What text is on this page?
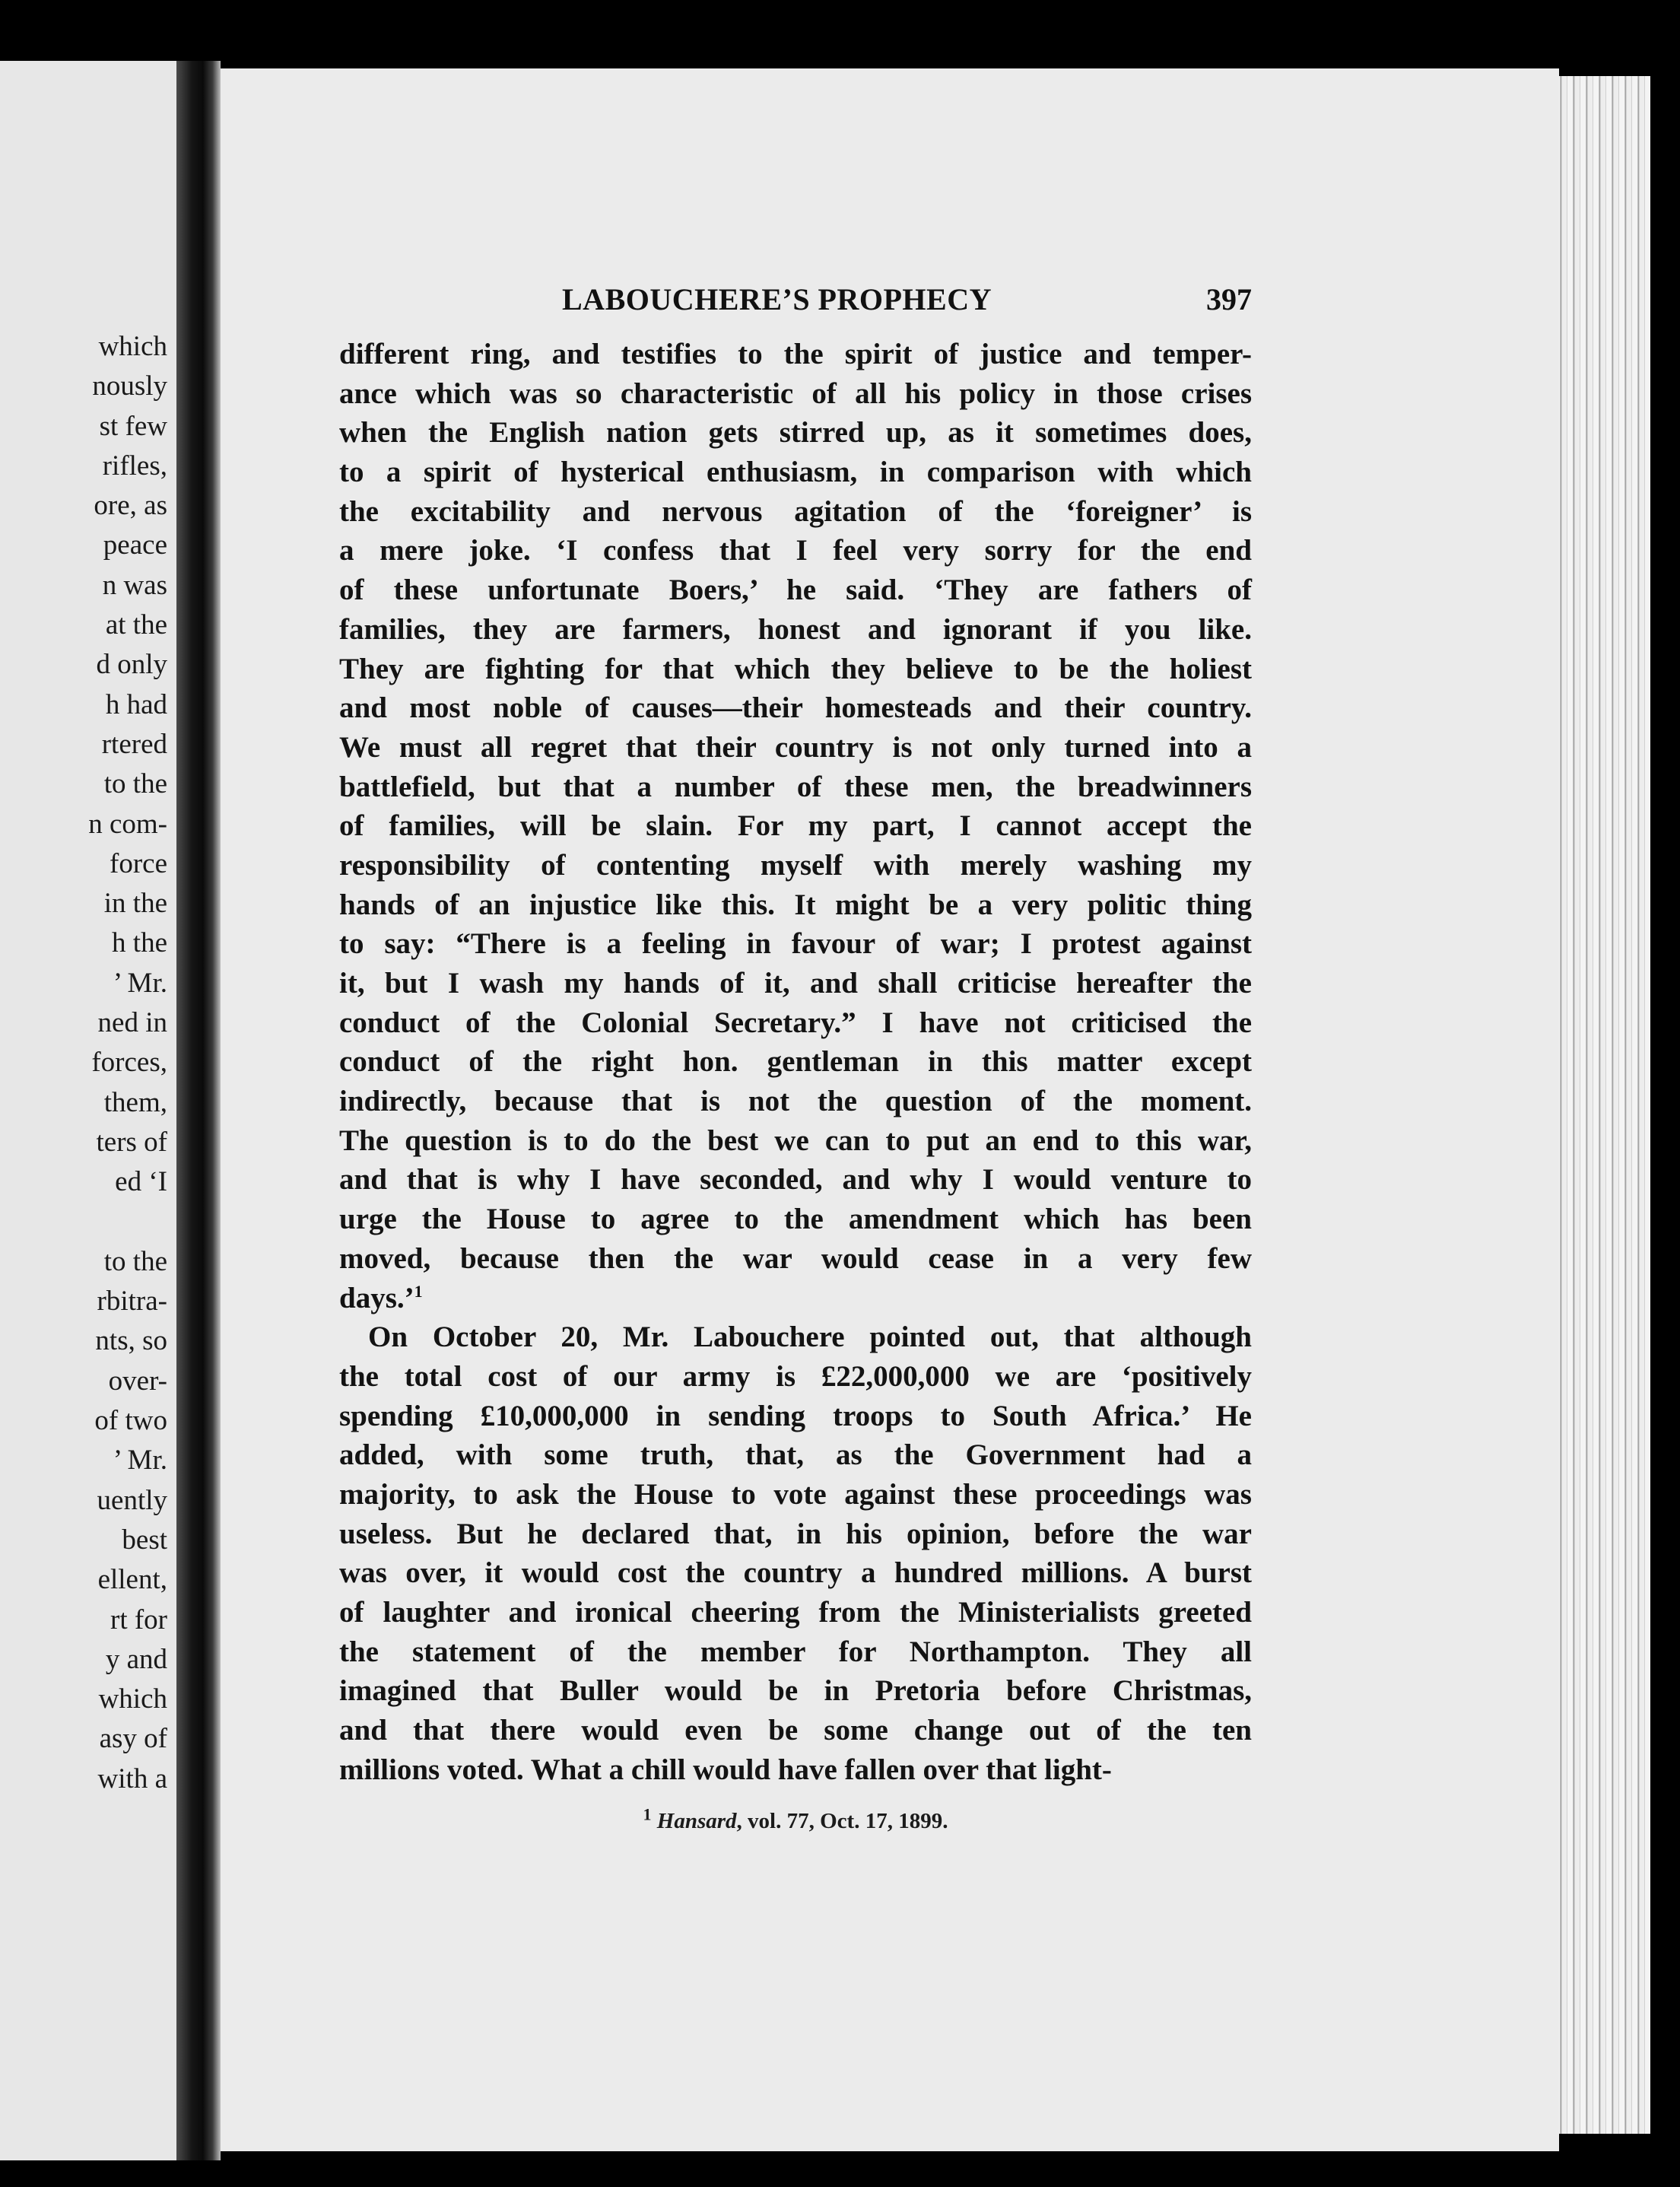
which
nously
st few
rifles,
ore, as
peace
n was
at the
d only
h had
rtered
to the
n com-
force
in the
h the
’ Mr.
ned in
forces,
them,
ters of
ed ‘I

to the
rbitra-
nts, so
over-
of two
’ Mr.
uently
best
ellent,
rt for
y and
which
asy of
with a
LABOUCHERE’S PROPHECY	397
different ring, and testifies to the spirit of justice and temper-
ance which was so characteristic of all his policy in those crises
when the English nation gets stirred up, as it sometimes does,
to a spirit of hysterical enthusiasm, in comparison with which
the excitability and nervous agitation of the ‘foreigner’ is
a mere joke. ‘I confess that I feel very sorry for the end
of these unfortunate Boers,’ he said. ‘They are fathers of
families, they are farmers, honest and ignorant if you like.
They are fighting for that which they believe to be the holiest
and most noble of causes—their homesteads and their country.
We must all regret that their country is not only turned into a
battlefield, but that a number of these men, the breadwinners
of families, will be slain. For my part, I cannot accept the
responsibility of contenting myself with merely washing my
hands of an injustice like this. It might be a very politic thing
to say: “There is a feeling in favour of war; I protest against
it, but I wash my hands of it, and shall criticise hereafter the
conduct of the Colonial Secretary.” I have not criticised the
conduct of the right hon. gentleman in this matter except
indirectly, because that is not the question of the moment.
The question is to do the best we can to put an end to this war,
and that is why I have seconded, and why I would venture to
urge the House to agree to the amendment which has been
moved, because then the war would cease in a very few
days.’$^1$
On October 20, Mr. Labouchere pointed out, that although
the total cost of our army is £22,000,000 we are ‘positively
spending £10,000,000 in sending troops to South Africa.’ He
added, with some truth, that, as the Government had a
majority, to ask the House to vote against these proceedings was
useless. But he declared that, in his opinion, before the war
was over, it would cost the country a hundred millions. A burst
of laughter and ironical cheering from the Ministerialists greeted
the statement of the member for Northampton. They all
imagined that Buller would be in Pretoria before Christmas,
and that there would even be some change out of the ten
millions voted. What a chill would have fallen over that light-
$^1$ Hansard, vol. 77, Oct. 17, 1899.
